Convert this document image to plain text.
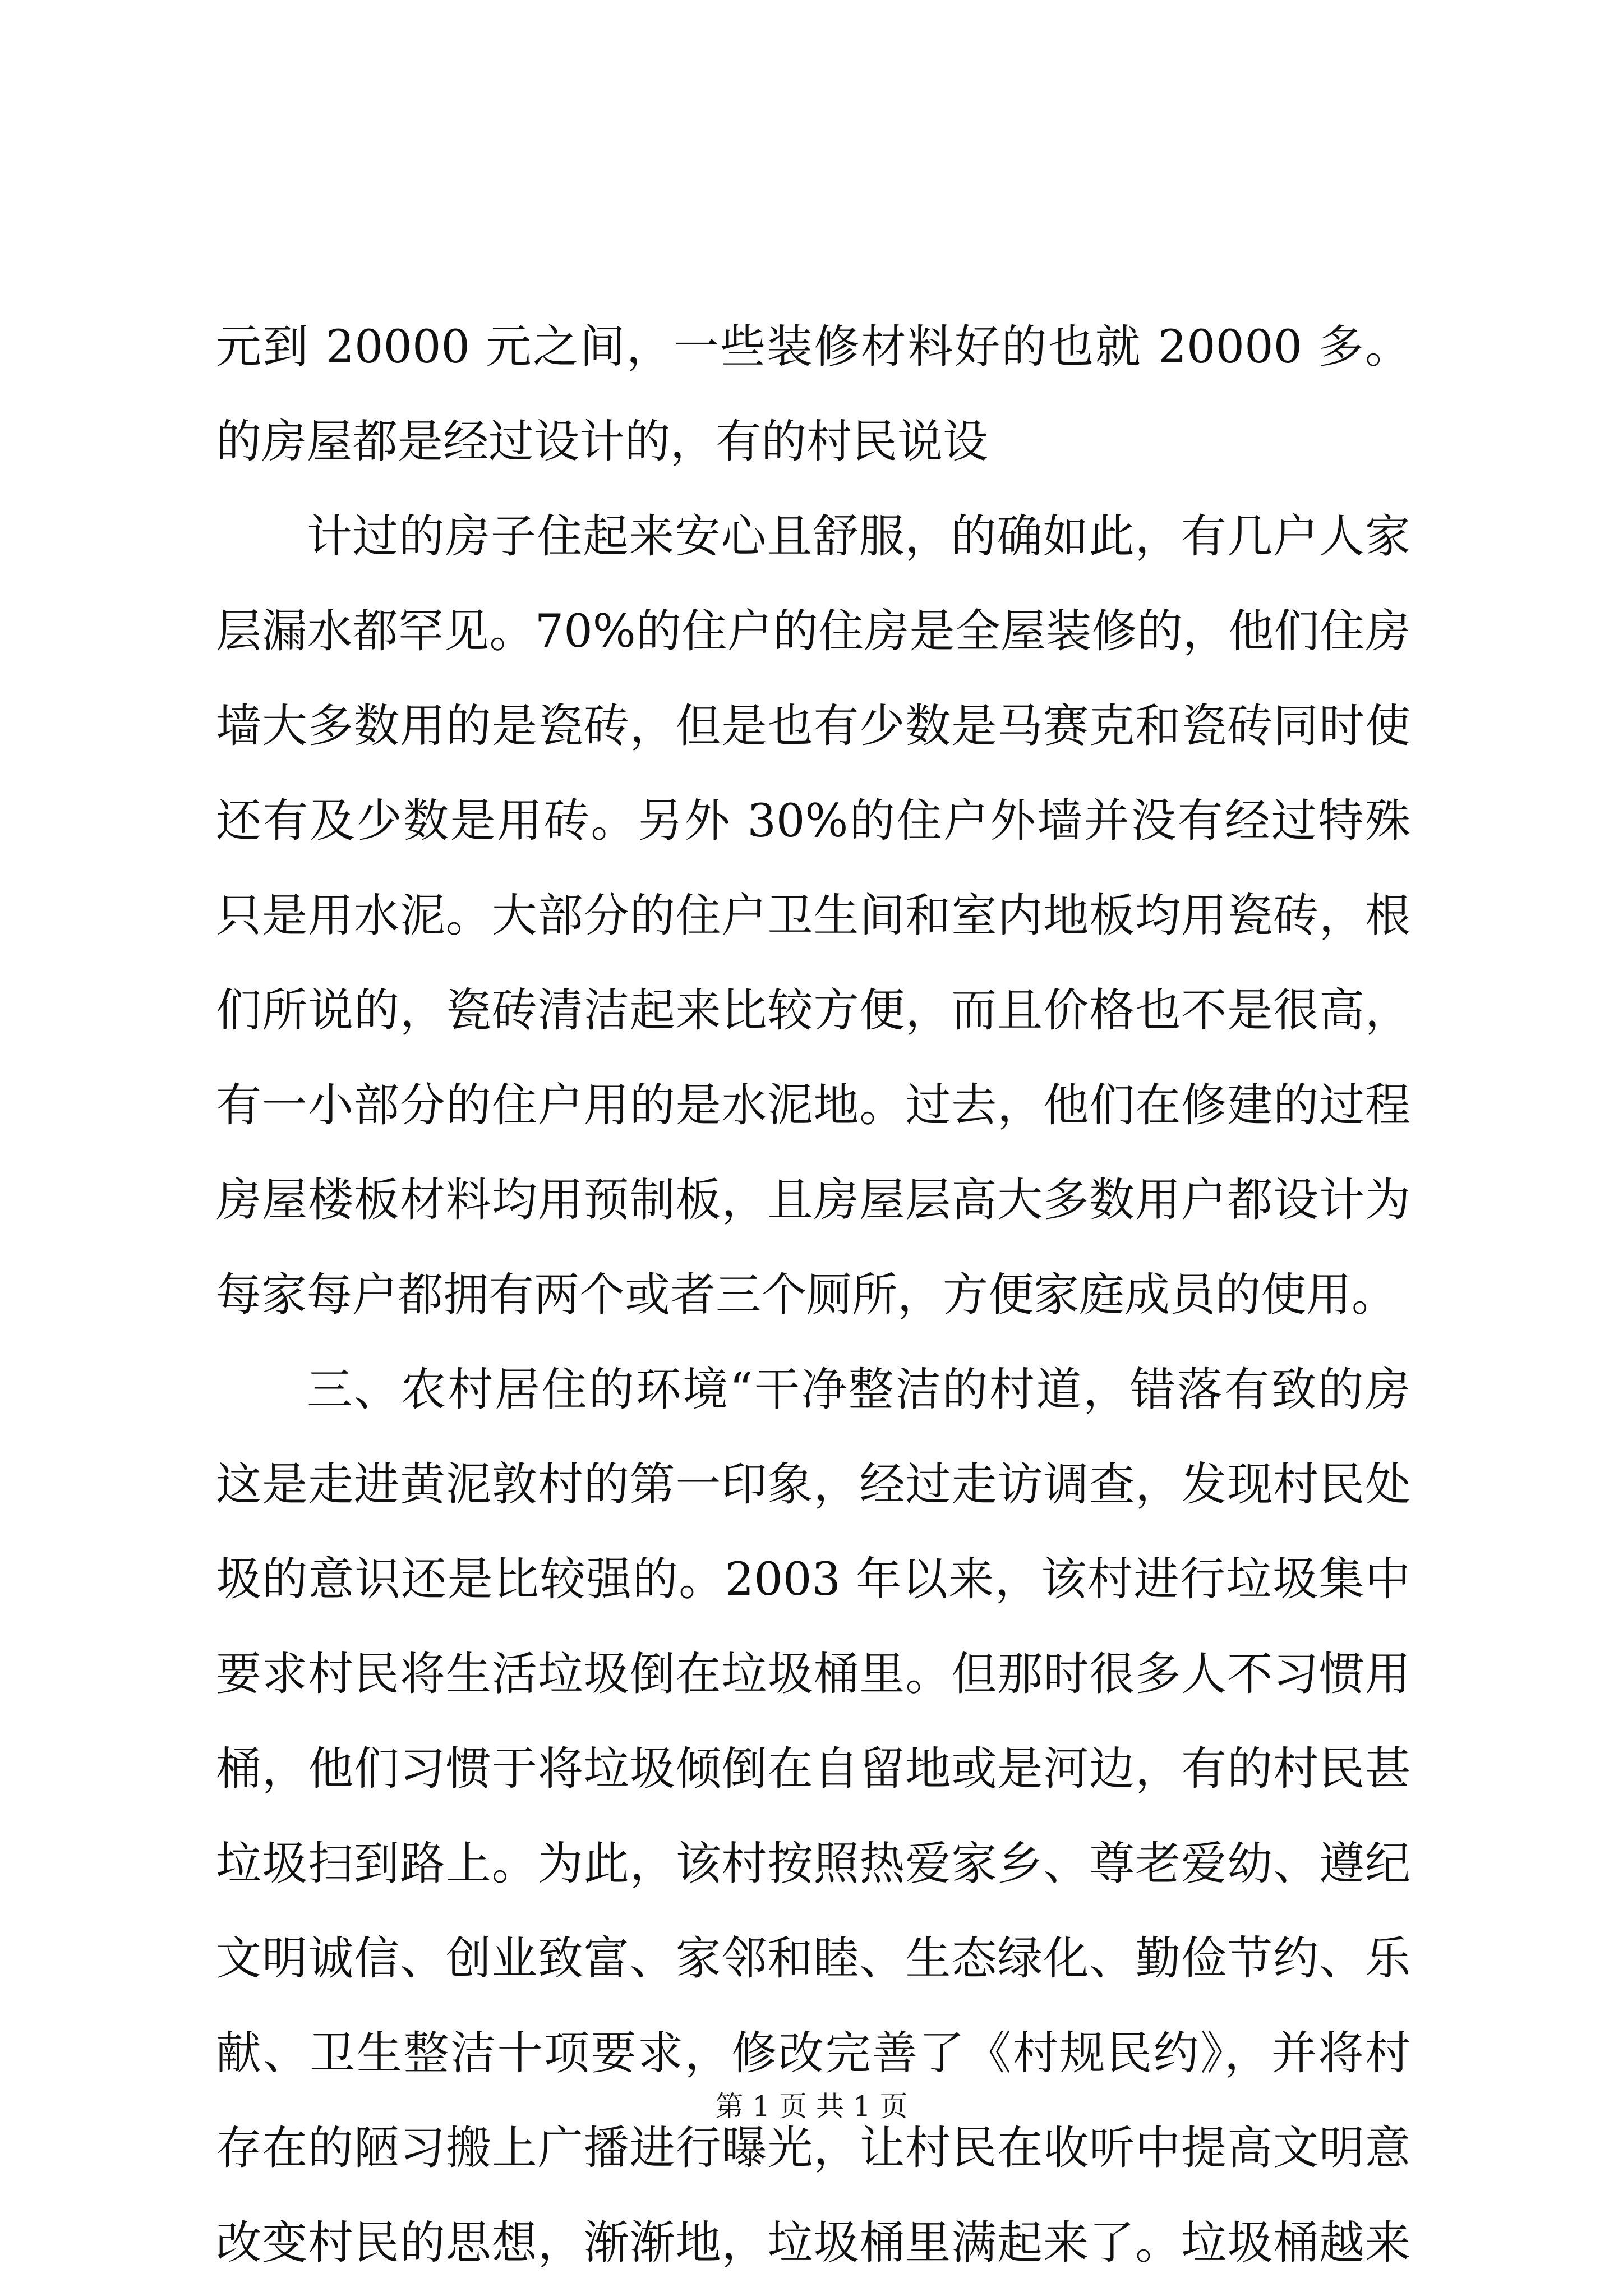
元到 20000 元之间，一些装修材料好的也就 20000 多。
的房屋都是经过设计的，有的村民说设
计过的房子住起来安心且舒服，的确如此，有几户人家
层漏水都罕见。70%的住户的住房是全屋装修的，他们住房
墙大多数用的是瓷砖，但是也有少数是马赛克和瓷砖同时使
还有及少数是用砖。另外 30%的住户外墙并没有经过特殊
只是用水泥。大部分的住户卫生间和室内地板均用瓷砖，根
们所说的，瓷砖清洁起来比较方便，而且价格也不是很高，
有一小部分的住户用的是水泥地。过去，他们在修建的过程
房屋楼板材料均用预制板，且房屋层高大多数用户都设计为
每家每户都拥有两个或者三个厕所，方便家庭成员的使用。
三、农村居住的环境“干净整洁的村道，错落有致的房
这是走进黄泥敦村的第一印象，经过走访调查，发现村民处
圾的意识还是比较强的。2003 年以来，该村进行垃圾集中
要求村民将生活垃圾倒在垃圾桶里。但那时很多人不习惯用
桶，他们习惯于将垃圾倾倒在自留地或是河边，有的村民甚
垃圾扫到路上。为此，该村按照热爱家乡、尊老爱幼、遵纪
文明诚信、创业致富、家邻和睦、生态绿化、勤俭节约、乐
献、卫生整洁十项要求，修改完善了《村规民约》，并将村
存在的陋习搬上广播进行曝光，让村民在收听中提高文明意
改变村民的思想，渐渐地，垃圾桶里满起来了。垃圾桶越来
第 1 页 共 1 页
